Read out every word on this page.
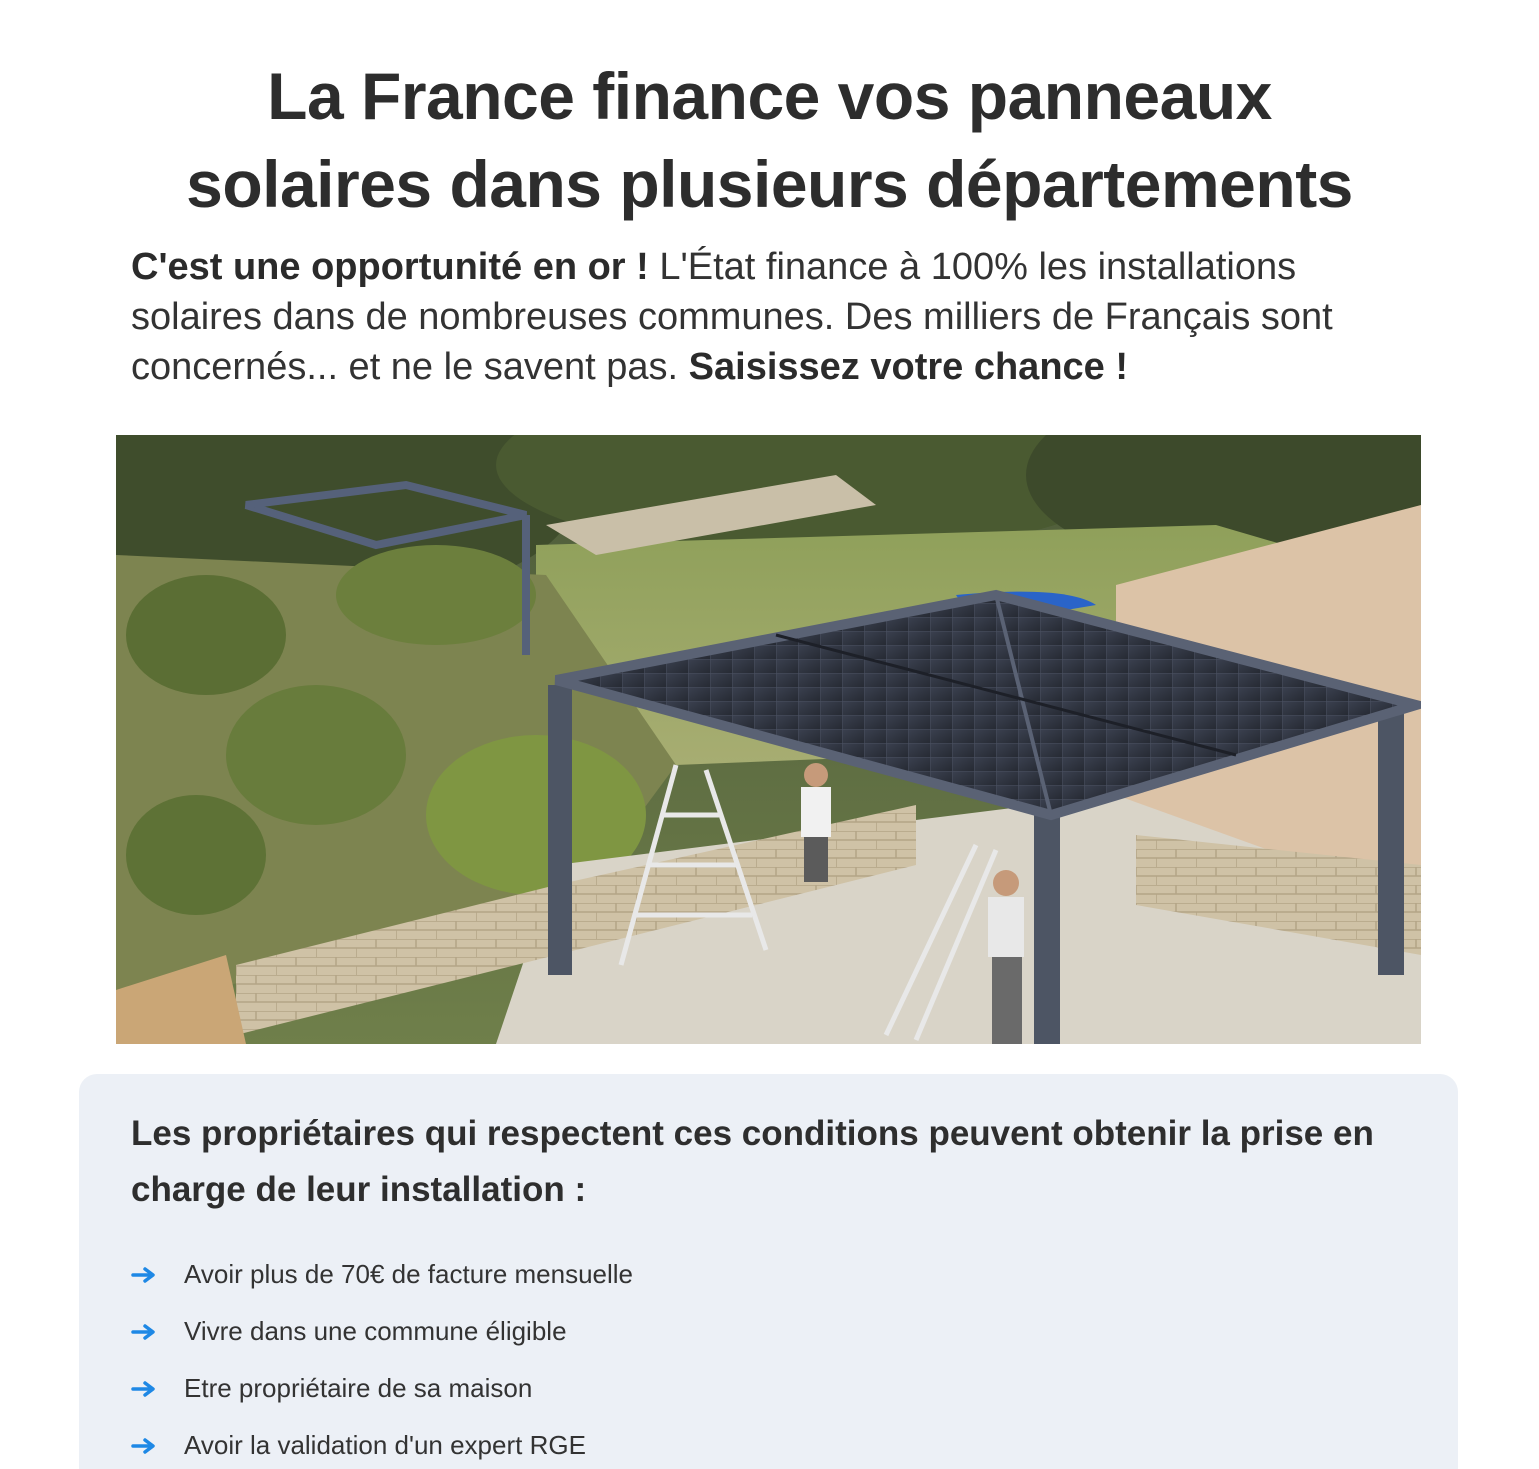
La France finance vos panneaux
solaires dans plusieurs départements

C'est une opportunité en or ! L'État finance à 100% les installations solaires dans de nombreuses communes. Des milliers de Français sont concernés... et ne le savent pas. Saisissez votre chance !

Les propriétaires qui respectent ces conditions peuvent obtenir la prise en charge de leur installation :
Avoir plus de 70€ de facture mensuelle
Vivre dans une commune éligible
Etre propriétaire de sa maison
Avoir la validation d'un expert RGE
